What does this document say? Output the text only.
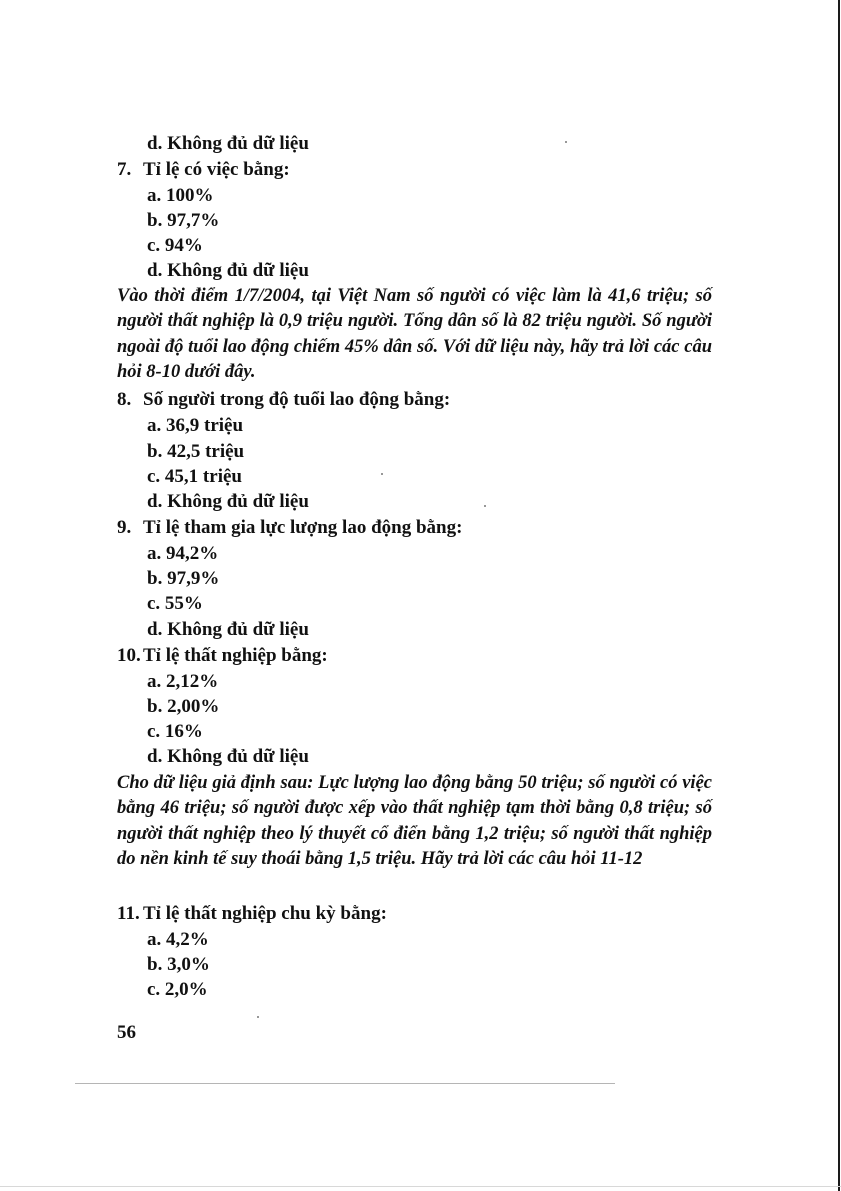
d. Không đủ dữ liệu
7. Tỉ lệ có việc bằng:
a. 100%
b. 97,7%
c. 94%
d. Không đủ dữ liệu
Vào thời điểm 1/7/2004, tại Việt Nam số người có việc làm là 41,6 triệu; số người thất nghiệp là 0,9 triệu người. Tổng dân số là 82 triệu người. Số người ngoài độ tuổi lao động chiếm 45% dân số. Với dữ liệu này, hãy trả lời các câu hỏi 8-10 dưới đây.
8. Số người trong độ tuổi lao động bằng:
a. 36,9 triệu
b. 42,5 triệu
c. 45,1 triệu
d. Không đủ dữ liệu
9. Tỉ lệ tham gia lực lượng lao động bằng:
a. 94,2%
b. 97,9%
c. 55%
d. Không đủ dữ liệu
10. Tỉ lệ thất nghiệp bằng:
a. 2,12%
b. 2,00%
c. 16%
d. Không đủ dữ liệu
Cho dữ liệu giả định sau: Lực lượng lao động bằng 50 triệu; số người có việc bằng 46 triệu; số người được xếp vào thất nghiệp tạm thời bằng 0,8 triệu; số người thất nghiệp theo lý thuyết cổ điển bằng 1,2 triệu; số người thất nghiệp do nền kinh tế suy thoái bằng 1,5 triệu. Hãy trả lời các câu hỏi 11-12
11. Tỉ lệ thất nghiệp chu kỳ bằng:
a. 4,2%
b. 3,0%
c. 2,0%
56
